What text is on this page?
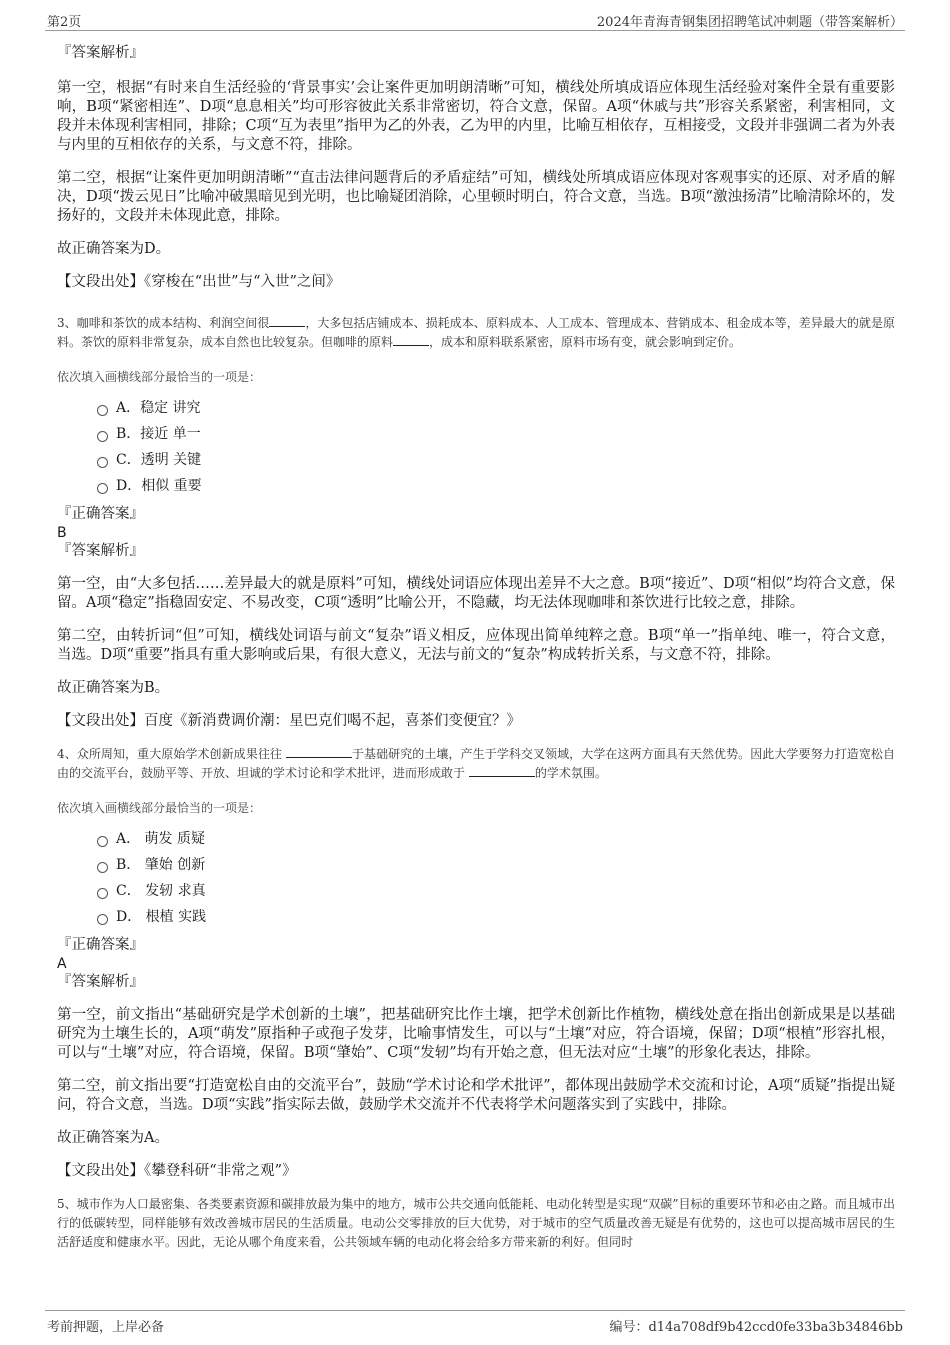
第2页	2024年青海青钢集团招聘笔试冲刺题（带答案解析）

『答案解析』

第一空，根据“有时来自生活经验的‘背景事实’会让案件更加明朗清晰”可知，横线处所填成语应体现生活经验对案件全景有重要影响，B项“紧密相连”、D项“息息相关”均可形容彼此关系非常密切，符合文意，保留。A项“休戚与共”形容关系紧密，利害相同，文段并未体现利害相同，排除；C项“互为表里”指甲为乙的外表，乙为甲的内里，比喻互相依存，互相接受，文段并非强调二者为外表与内里的互相依存的关系，与文意不符，排除。

第二空，根据“让案件更加明朗清晰”“直击法律问题背后的矛盾症结”可知，横线处所填成语应体现对客观事实的还原、对矛盾的解决，D项“拨云见日”比喻冲破黑暗见到光明，也比喻疑团消除，心里顿时明白，符合文意，当选。B项“激浊扬清”比喻清除坏的，发扬好的，文段并未体现此意，排除。

故正确答案为D。

【文段出处】《穿梭在“出世”与“入世”之间》

3、咖啡和茶饮的成本结构、利润空间很	，大多包括店铺成本、损耗成本、原料成本、人工成本、管理成本、营销成本、租金成本等，差异最大的就是原料。茶饮的原料非常复杂，成本自然也比较复杂。但咖啡的原料	，成本和原料联系紧密，原料市场有变，就会影响到定价。

依次填入画横线部分最恰当的一项是：

A．稳定 讲究

B．接近 单一

C．透明 关键

D．相似 重要

『正确答案』

B

『答案解析』

第一空，由“大多包括……差异最大的就是原料”可知，横线处词语应体现出差异不大之意。B项“接近”、D项“相似”均符合文意，保留。A项“稳定”指稳固安定、不易改变，C项“透明”比喻公开，不隐藏，均无法体现咖啡和茶饮进行比较之意，排除。

第二空，由转折词“但”可知，横线处词语与前文“复杂”语义相反，应体现出简单纯粹之意。B项“单一”指单纯、唯一，符合文意，当选。D项“重要”指具有重大影响或后果，有很大意义，无法与前文的“复杂”构成转折关系，与文意不符，排除。

故正确答案为B。

【文段出处】百度《新消费调价潮：星巴克们喝不起，喜茶们变便宜？》

4、众所周知，重大原始学术创新成果往往	于基础研究的土壤，产生于学科交叉领域，大学在这两方面具有天然优势。因此大学要努力打造宽松自由的交流平台，鼓励平等、开放、坦诚的学术讨论和学术批评，进而形成敢于	的学术氛围。

依次填入画横线部分最恰当的一项是：

A． 萌发 质疑

B． 肇始 创新

C． 发轫 求真

D． 根植 实践

『正确答案』

A

『答案解析』

第一空，前文指出“基础研究是学术创新的土壤”，把基础研究比作土壤，把学术创新比作植物，横线处意在指出创新成果是以基础研究为土壤生长的，A项“萌发”原指种子或孢子发芽，比喻事情发生，可以与“土壤”对应，符合语境，保留；D项“根植”形容扎根，可以与“土壤”对应，符合语境，保留。B项“肇始”、C项“发轫”均有开始之意，但无法对应“土壤”的形象化表达，排除。

第二空，前文指出要“打造宽松自由的交流平台”，鼓励“学术讨论和学术批评”，都体现出鼓励学术交流和讨论，A项“质疑”指提出疑问，符合文意，当选。D项“实践”指实际去做，鼓励学术交流并不代表将学术问题落实到了实践中，排除。

故正确答案为A。

【文段出处】《攀登科研“非常之观”》

5、城市作为人口最密集、各类要素资源和碳排放最为集中的地方，城市公共交通向低能耗、电动化转型是实现“双碳”目标的重要环节和必由之路。而且城市出行的低碳转型，同样能够有效改善城市居民的生活质量。电动公交零排放的巨大优势，对于城市的空气质量改善无疑是有优势的，这也可以提高城市居民的生活舒适度和健康水平。因此，无论从哪个角度来看，公共领域车辆的电动化将会给多方带来新的利好。但同时

考前押题，上岸必备	编号：d14a708df9b42ccd0fe33ba3b34846bb
